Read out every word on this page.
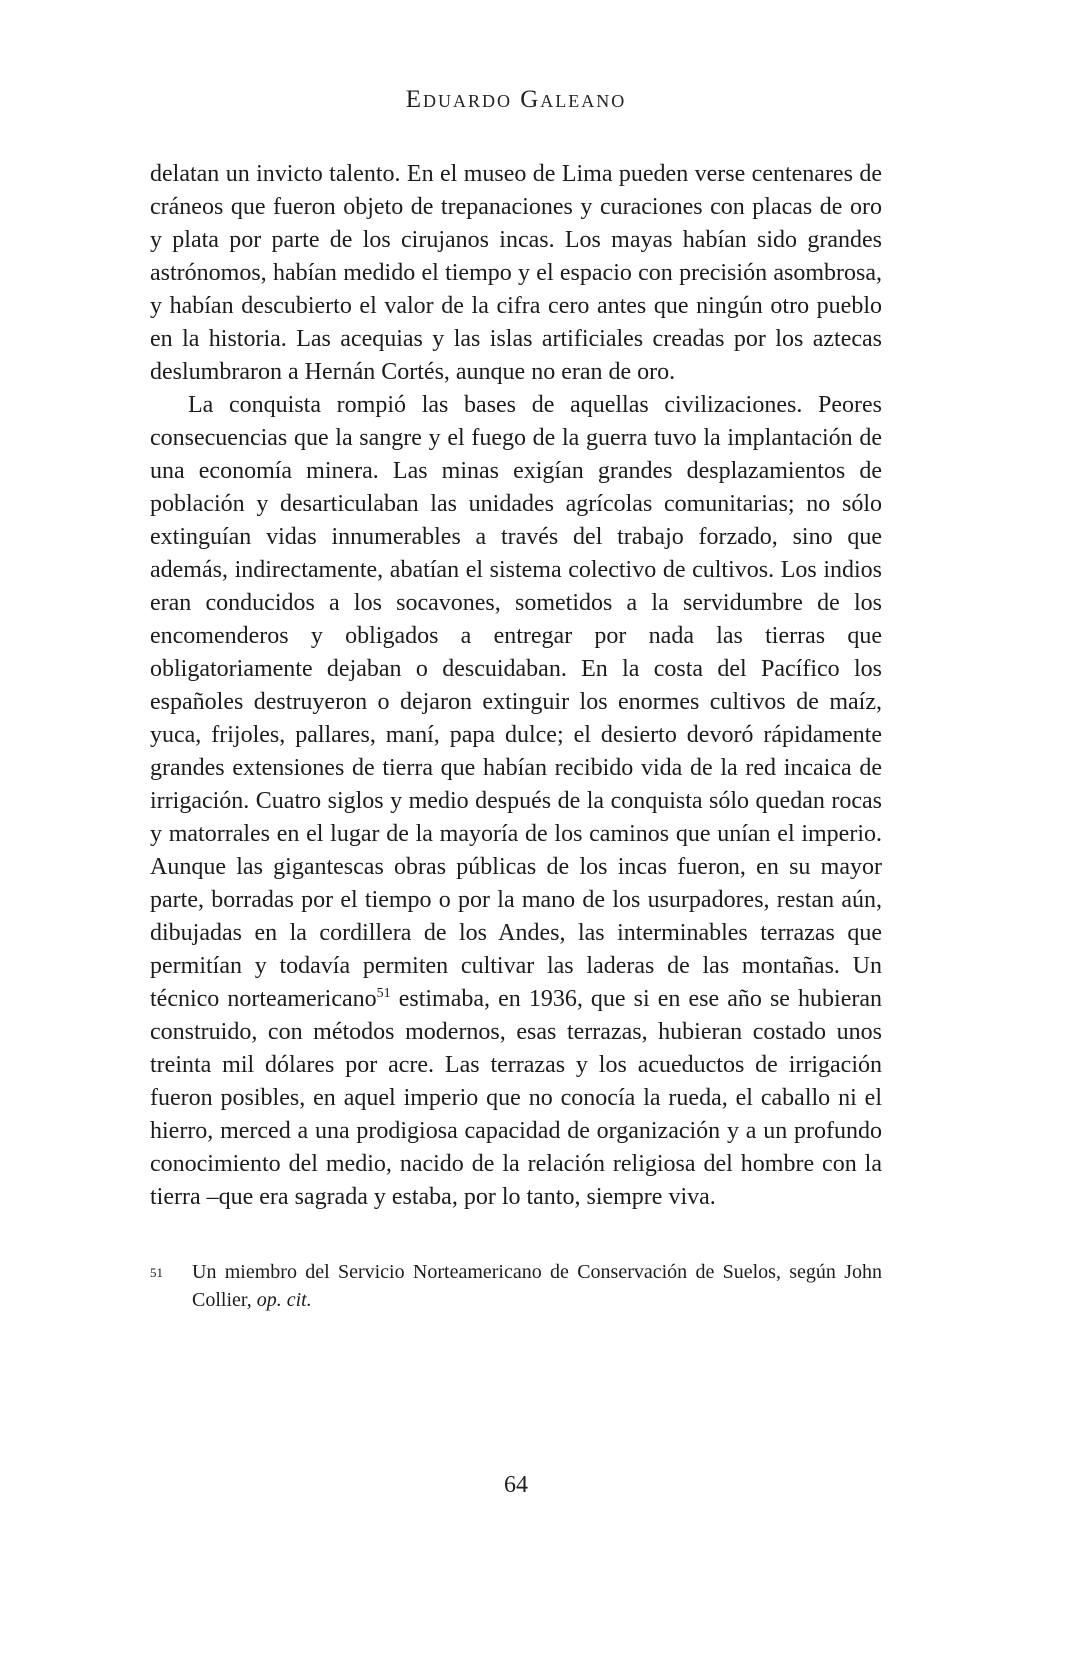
Eduardo Galeano

delatan un invicto talento. En el museo de Lima pueden verse centenares de cráneos que fueron objeto de trepanaciones y curaciones con placas de oro y plata por parte de los cirujanos incas. Los mayas habían sido grandes astrónomos, habían medido el tiempo y el espacio con precisión asombrosa, y habían descubierto el valor de la cifra cero antes que ningún otro pueblo en la historia. Las acequias y las islas artificiales creadas por los aztecas deslumbraron a Hernán Cortés, aunque no eran de oro.

La conquista rompió las bases de aquellas civilizaciones. Peores consecuencias que la sangre y el fuego de la guerra tuvo la implantación de una economía minera. Las minas exigían grandes desplazamientos de población y desarticulaban las unidades agrícolas comunitarias; no sólo extinguían vidas innumerables a través del trabajo forzado, sino que además, indirectamente, abatían el sistema colectivo de cultivos. Los indios eran conducidos a los socavones, sometidos a la servidumbre de los encomenderos y obligados a entregar por nada las tierras que obligatoriamente dejaban o descuidaban. En la costa del Pacífico los españoles destruyeron o dejaron extinguir los enormes cultivos de maíz, yuca, frijoles, pallares, maní, papa dulce; el desierto devoró rápidamente grandes extensiones de tierra que habían recibido vida de la red incaica de irrigación. Cuatro siglos y medio después de la conquista sólo quedan rocas y matorrales en el lugar de la mayoría de los caminos que unían el imperio. Aunque las gigantescas obras públicas de los incas fueron, en su mayor parte, borradas por el tiempo o por la mano de los usurpadores, restan aún, dibujadas en la cordillera de los Andes, las interminables terrazas que permitían y todavía permiten cultivar las laderas de las montañas. Un técnico norteamericano$^{51}$ estimaba, en 1936, que si en ese año se hubieran construido, con métodos modernos, esas terrazas, hubieran costado unos treinta mil dólares por acre. Las terrazas y los acueductos de irrigación fueron posibles, en aquel imperio que no conocía la rueda, el caballo ni el hierro, merced a una prodigiosa capacidad de organización y a un profundo conocimiento del medio, nacido de la relación religiosa del hombre con la tierra –que era sagrada y estaba, por lo tanto, siempre viva.

51	Un miembro del Servicio Norteamericano de Conservación de Suelos, según John Collier, op. cit.
64
